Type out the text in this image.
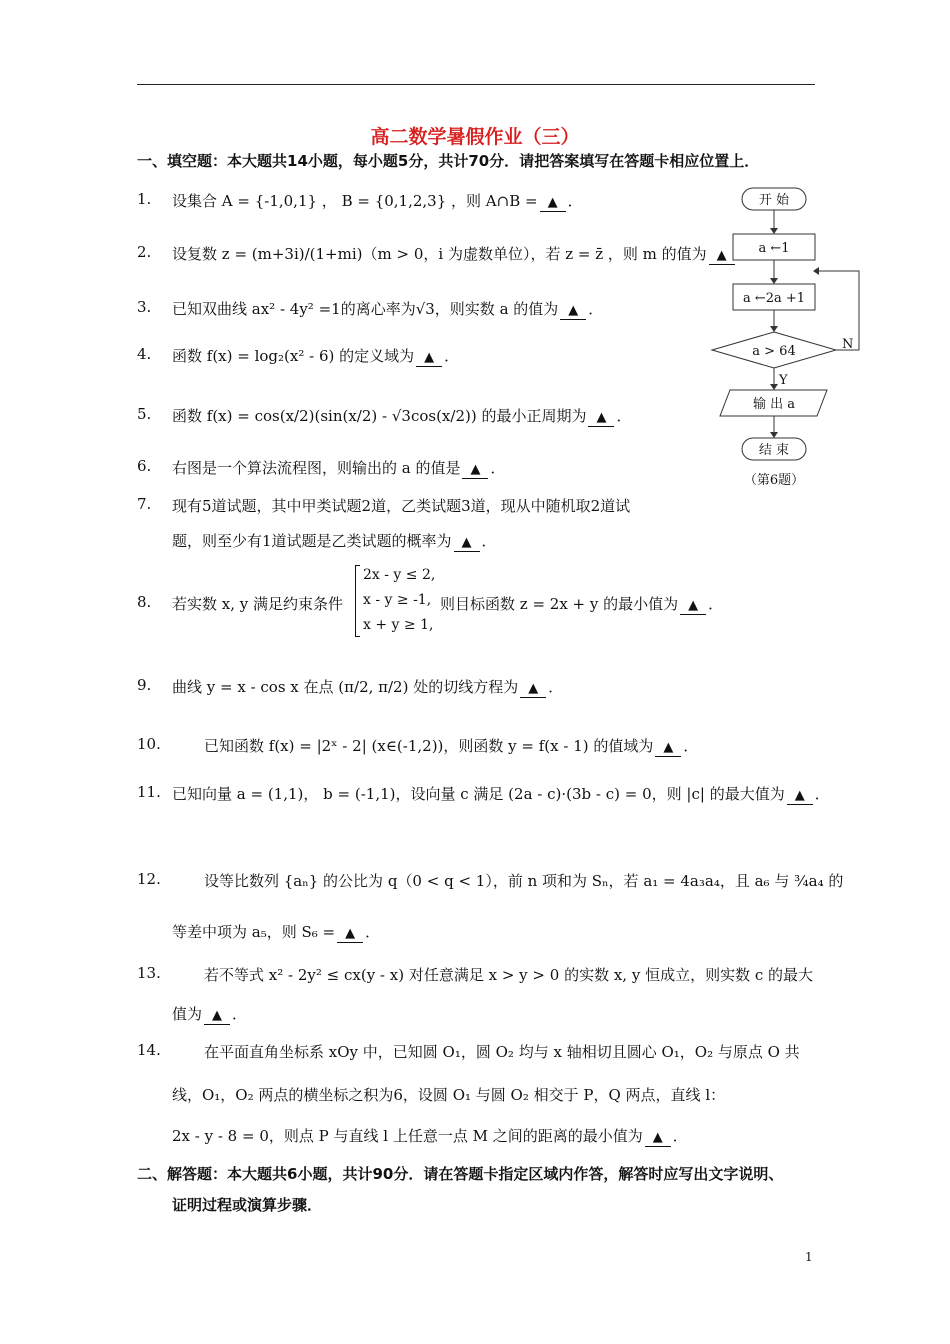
高二数学暑假作业（三）
一、填空题：本大题共14小题，每小题5分，共计70分．请把答案填写在答题卡相应位置上．
1. 设集合 A = {-1,0,1} ， B = {0,1,2,3} ，则 A∩B = ▲ ．
2. 设复数 z = (m+3i)/(1+mi)（m > 0，i 为虚数单位），若 z = z̄ ，则 m 的值为 ▲
3. 已知双曲线 ax² - 4y² =1的离心率为√3，则实数 a 的值为 ▲ ．
4. 函数 f(x) = log₂(x² - 6) 的定义域为 ▲ ．
5. 函数 f(x) = cos(x/2)(sin(x/2) - √3cos(x/2)) 的最小正周期为 ▲ ．
6. 右图是一个算法流程图，则输出的 a 的值是 ▲ ．
7. 现有5道试题，其中甲类试题2道，乙类试题3道，现从中随机取2道试
题，则至少有1道试题是乙类试题的概率为 ▲ ．
8. 若实数 x, y 满足约束条件
2x - y ≤ 2,
x - y ≥ -1,
x + y ≥ 1,
则目标函数 z = 2x + y 的最小值为 ▲ ．
9. 曲线 y = x - cos x 在点 (π/2, π/2) 处的切线方程为 ▲ ．
10.	已知函数 f(x) = |2ˣ - 2| (x∈(-1,2))，则函数 y = f(x - 1) 的值域为 ▲ ．
11. 已知向量 a = (1,1)， b = (-1,1)，设向量 c 满足 (2a - c)·(3b - c) = 0，则 |c| 的最大值为 ▲ ．
12.	设等比数列 {aₙ} 的公比为 q（0 < q < 1），前 n 项和为 Sₙ，若 a₁ = 4a₃a₄，且 a₆ 与 ¾a₄ 的
等差中项为 a₅，则 S₆ = ▲ ．
13.	若不等式 x² - 2y² ≤ cx(y - x) 对任意满足 x > y > 0 的实数 x, y 恒成立，则实数 c 的最大
值为 ▲ ．
14.	在平面直角坐标系 xOy 中，已知圆 O₁，圆 O₂ 均与 x 轴相切且圆心 O₁，O₂ 与原点 O 共
线，O₁，O₂ 两点的横坐标之积为6，设圆 O₁ 与圆 O₂ 相交于 P，Q 两点，直线 l：
2x - y - 8 = 0，则点 P 与直线 l 上任意一点 M 之间的距离的最小值为 ▲ ．
二、解答题：本大题共6小题，共计90分．请在答题卡指定区域内作答，解答时应写出文字说明、
证明过程或演算步骤．
1
开 始
a ←1
a ←2a +1
a > 64	N
Y
输 出 a
结 束
（第6题）
